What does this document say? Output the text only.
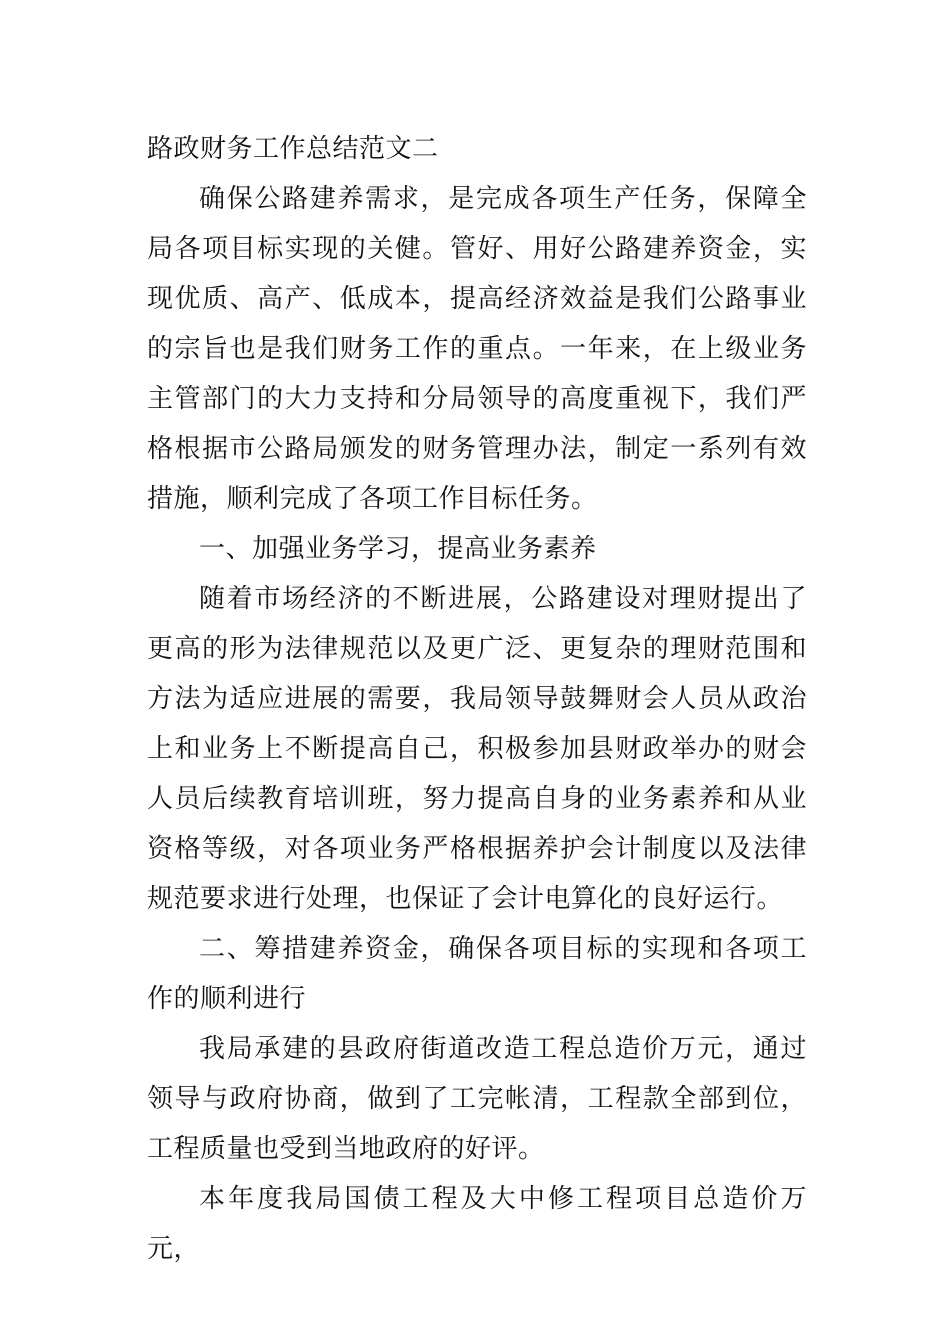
路政财务工作总结范文二

确保公路建养需求，是完成各项生产任务，保障全局各项目标实现的关健。管好、用好公路建养资金，实现优质、高产、低成本，提高经济效益是我们公路事业的宗旨也是我们财务工作的重点。一年来，在上级业务主管部门的大力支持和分局领导的高度重视下，我们严格根据市公路局颁发的财务管理办法，制定一系列有效措施，顺利完成了各项工作目标任务。

一、加强业务学习，提高业务素养

随着市场经济的不断进展，公路建设对理财提出了更高的形为法律规范以及更广泛、更复杂的理财范围和方法为适应进展的需要，我局领导鼓舞财会人员从政治上和业务上不断提高自己，积极参加县财政举办的财会人员后续教育培训班，努力提高自身的业务素养和从业资格等级，对各项业务严格根据养护会计制度以及法律规范要求进行处理，也保证了会计电算化的良好运行。

二、筹措建养资金，确保各项目标的实现和各项工作的顺利进行

我局承建的县政府街道改造工程总造价万元，通过领导与政府协商，做到了工完帐清，工程款全部到位，工程质量也受到当地政府的好评。

本年度我局国债工程及大中修工程项目总造价万元，
